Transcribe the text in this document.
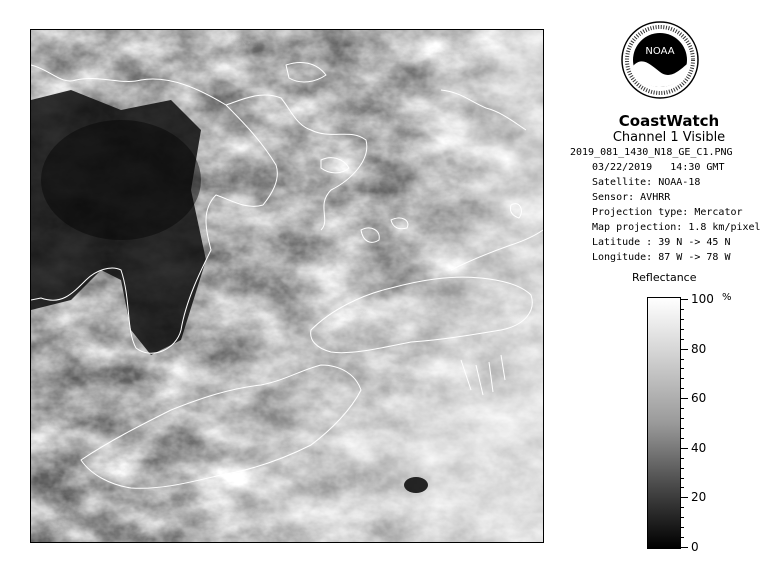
NOAA
CoastWatch
Channel 1 Visible
2019_081_1430_N18_GE_C1.PNG
03/22/2019 14:30 GMT
Satellite: NOAA-18
Sensor: AVHRR
Projection type: Mercator
Map projection: 1.8 km/pixel
Latitude : 39 N -> 45 N
Longitude: 87 W -> 78 W
Reflectance
%
100
80
60
40
20
0
